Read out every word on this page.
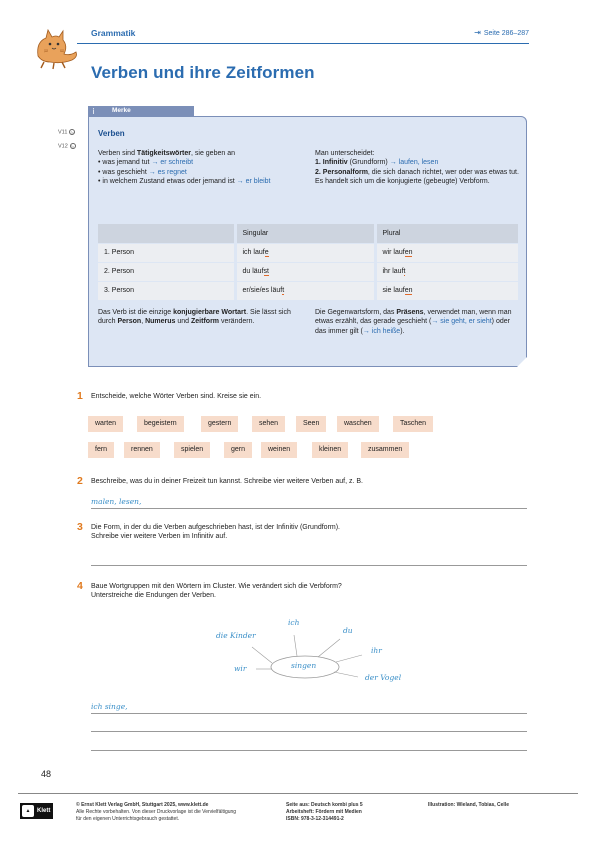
Grammatik	⇥ Seite 286–287
Verben und ihre Zeitformen
Merke
ⅰ
V11 ▷
V12 ▷
Verben
Verben sind Tätigkeitswörter, sie geben an
• was jemand tut → er schreibt
• was geschieht → es regnet
• in welchem Zustand etwas oder jemand ist → er bleibt
Man unterscheidet:
1. Infinitiv (Grundform) → laufen, lesen
2. Personalform, die sich danach richtet, wer oder was etwas tut. Es handelt sich um die konjugierte (gebeugte) Verbform.
	Singular	Plural
1. Person	ich laufe	wir laufen
2. Person	du läufst	ihr lauft
3. Person	er/sie/es läuft	sie laufen
Das Verb ist die einzige konjugierbare Wortart. Sie lässt sich durch Person, Numerus und Zeitform verändern.
Die Gegenwartsform, das Präsens, verwendet man, wenn man etwas erzählt, das gerade geschieht (→ sie geht, er sieht) oder das immer gilt (→ ich heiße).
1 Entscheide, welche Wörter Verben sind. Kreise sie ein.
warten	begeistern	gestern	sehen	Seen	waschen	Taschen
fern	rennen	spielen	gern	weinen	kleinen	zusammen
2 Beschreibe, was du in deiner Freizeit tun kannst. Schreibe vier weitere Verben auf, z. B.
malen, lesen,
3 Die Form, in der du die Verben aufgeschrieben hast, ist der Infinitiv (Grundform).
Schreibe vier weitere Verben im Infinitiv auf.
4 Baue Wortgruppen mit den Wörtern im Cluster. Wie verändert sich die Verbform?
Unterstreiche die Endungen der Verben.
singen
die Kinder
ich
du
ihr
der Vogel
wir
ich singe,
48
Klett
▲
© Ernst Klett Verlag GmbH, Stuttgart 2025, www.klett.de
Alle Rechte vorbehalten. Von dieser Druckvorlage ist die Vervielfältigung
für den eigenen Unterrichtsgebrauch gestattet.
Seite aus: Deutsch kombi plus 5
Arbeitsheft: Fördern mit Medien
ISBN: 978-3-12-314491-2
Illustration: Wieland, Tobias, Celle
